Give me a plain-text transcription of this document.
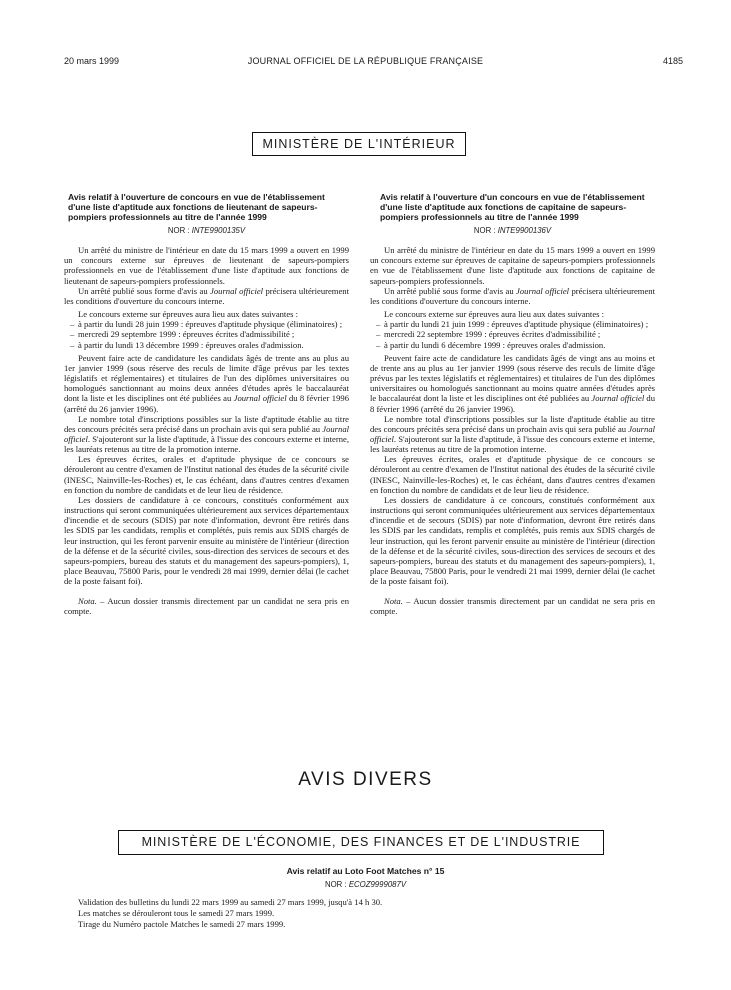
20 mars 1999	JOURNAL OFFICIEL DE LA RÉPUBLIQUE FRANÇAISE	4185
MINISTÈRE DE L'INTÉRIEUR
Avis relatif à l'ouverture de concours en vue de l'établissement d'une liste d'aptitude aux fonctions de lieutenant de sapeurs-pompiers professionnels au titre de l'année 1999
NOR : INTE9900135V

Un arrêté du ministre de l'intérieur en date du 15 mars 1999 a ouvert en 1999 un concours externe sur épreuves de lieutenant de sapeurs-pompiers professionnels en vue de l'établissement d'une liste d'aptitude aux fonctions de lieutenant de sapeurs-pompiers professionnels.

Un arrêté publié sous forme d'avis au Journal officiel précisera ultérieurement les conditions d'ouverture du concours interne.

Le concours externe sur épreuves aura lieu aux dates suivantes :

– à partir du lundi 28 juin 1999 : épreuves d'aptitude physique (éliminatoires) ;
– mercredi 29 septembre 1999 : épreuves écrites d'admissibilité ;
– à partir du lundi 13 décembre 1999 : épreuves orales d'admission.

Peuvent faire acte de candidature les candidats âgés de trente ans au plus au 1er janvier 1999 (sous réserve des reculs de limite d'âge prévus par les textes législatifs et réglementaires) et titulaires de l'un des diplômes universitaires ou homologués sanctionnant au moins deux années d'études après le baccalauréat dont la liste et les disciplines ont été publiées au Journal officiel du 8 février 1996 (arrêté du 26 janvier 1996).

Le nombre total d'inscriptions possibles sur la liste d'aptitude établie au titre des concours précités sera précisé dans un prochain avis qui sera publié au Journal officiel. S'ajouteront sur la liste d'aptitude, à l'issue des concours externe et interne, les lauréats retenus au titre de la promotion interne.

Les épreuves écrites, orales et d'aptitude physique de ce concours se dérouleront au centre d'examen de l'Institut national des études de la sécurité civile (INESC, Nainville-les-Roches) et, le cas échéant, dans d'autres centres d'examen en fonction du nombre de candidats et de leur lieu de résidence.

Les dossiers de candidature à ce concours, constitués conformément aux instructions qui seront communiquées ultérieurement aux services départementaux d'incendie et de secours (SDIS) par note d'information, devront être retirés dans les SDIS par les candidats, remplis et complétés, puis remis aux SDIS chargés de leur instruction, qui les feront parvenir ensuite au ministère de l'intérieur (direction de la défense et de la sécurité civiles, sous-direction des services de secours et des sapeurs-pompiers, bureau des statuts et du management des sapeurs-pompiers), 1, place Beauvau, 75800 Paris, pour le vendredi 28 mai 1999, dernier délai (le cachet de la poste faisant foi).

Nota. – Aucun dossier transmis directement par un candidat ne sera pris en compte.

Avis relatif à l'ouverture d'un concours en vue de l'établissement d'une liste d'aptitude aux fonctions de capitaine de sapeurs-pompiers professionnels au titre de l'année 1999
NOR : INTE9900136V

Un arrêté du ministre de l'intérieur en date du 15 mars 1999 a ouvert en 1999 un concours externe sur épreuves de capitaine de sapeurs-pompiers professionnels en vue de l'établissement d'une liste d'aptitude aux fonctions de capitaine de sapeurs-pompiers professionnels.

Un arrêté publié sous forme d'avis au Journal officiel précisera ultérieurement les conditions d'ouverture du concours interne.

Le concours externe sur épreuves aura lieu aux dates suivantes :

– à partir du lundi 21 juin 1999 : épreuves d'aptitude physique (éliminatoires) ;
– mercredi 22 septembre 1999 : épreuves écrites d'admissibilité ;
– à partir du lundi 6 décembre 1999 : épreuves orales d'admission.

Peuvent faire acte de candidature les candidats âgés de vingt ans au moins et de trente ans au plus au 1er janvier 1999 (sous réserve des reculs de limite d'âge prévus par les textes législatifs et réglementaires) et titulaires de l'un des diplômes universitaires ou homologués sanctionnant au moins quatre années d'études après le baccalauréat dont la liste et les disciplines ont été publiées au Journal officiel du 8 février 1996 (arrêté du 26 janvier 1996).

Le nombre total d'inscriptions possibles sur la liste d'aptitude établie au titre des concours précités sera précisé dans un prochain avis qui sera publié au Journal officiel. S'ajouteront sur la liste d'aptitude, à l'issue des concours externe et interne, les lauréats retenus au titre de la promotion interne.

Les épreuves écrites, orales et d'aptitude physique de ce concours se dérouleront au centre d'examen de l'Institut national des études de la sécurité civile (INESC, Nainville-les-Roches) et, le cas échéant, dans d'autres centres d'examen en fonction du nombre de candidats et de leur lieu de résidence.

Les dossiers de candidature à ce concours, constitués conformément aux instructions qui seront communiquées ultérieurement aux services départementaux d'incendie et de secours (SDIS) par note d'information, devront être retirés dans les SDIS par les candidats, remplis et complétés, puis remis aux SDIS chargés de leur instruction, qui les feront parvenir ensuite au ministère de l'intérieur (direction de la défense et de la sécurité civiles, sous-direction des services de secours et des sapeurs-pompiers, bureau des statuts et du management des sapeurs-pompiers), 1, place Beauvau, 75800 Paris, pour le vendredi 21 mai 1999, dernier délai (le cachet de la poste faisant foi).

Nota. – Aucun dossier transmis directement par un candidat ne sera pris en compte.

AVIS DIVERS
MINISTÈRE DE L'ÉCONOMIE, DES FINANCES ET DE L'INDUSTRIE
Avis relatif au Loto Foot Matches n° 15
NOR : ECOZ9999087V
Validation des bulletins du lundi 22 mars 1999 au samedi 27 mars 1999, jusqu'à 14 h 30.
Les matches se dérouleront tous le samedi 27 mars 1999.
Tirage du Numéro pactole Matches le samedi 27 mars 1999.
